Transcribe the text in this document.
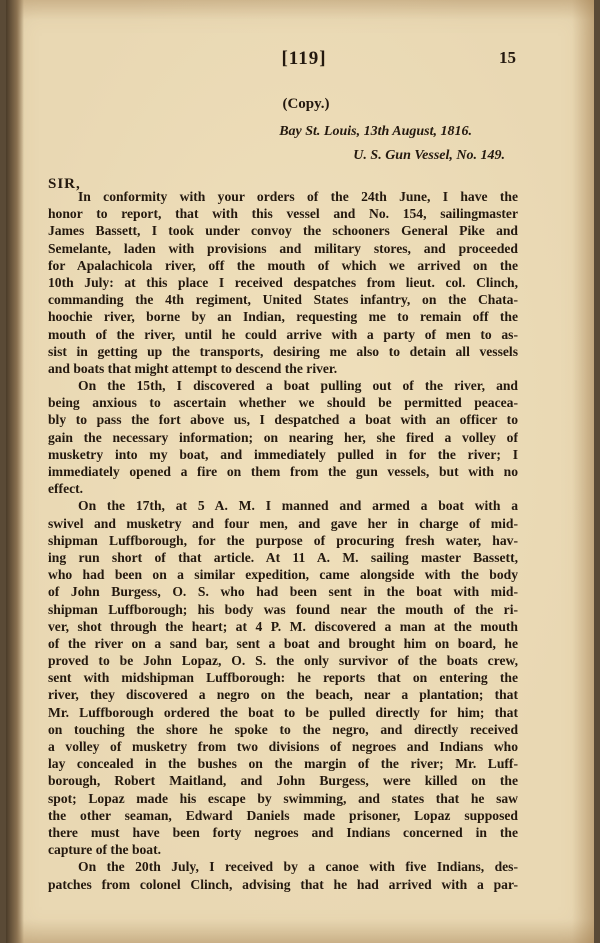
[119]	15
(Copy.)
Bay St. Louis, 13th August, 1816.
U. S. Gun Vessel, No. 149.
SIR,
In conformity with your orders of the 24th June, I have the
honor to report, that with this vessel and No. 154, sailingmaster
James Bassett, I took under convoy the schooners General Pike and
Semelante, laden with provisions and military stores, and proceeded
for Apalachicola river, off the mouth of which we arrived on the
10th July: at this place I received despatches from lieut. col. Clinch,
commanding the 4th regiment, United States infantry, on the Chata-
hoochie river, borne by an Indian, requesting me to remain off the
mouth of the river, until he could arrive with a party of men to as-
sist in getting up the transports, desiring me also to detain all vessels
and boats that might attempt to descend the river.
On the 15th, I discovered a boat pulling out of the river, and
being anxious to ascertain whether we should be permitted peacea-
bly to pass the fort above us, I despatched a boat with an officer to
gain the necessary information; on nearing her, she fired a volley of
musketry into my boat, and immediately pulled in for the river; I
immediately opened a fire on them from the gun vessels, but with no
effect.
On the 17th, at 5 A. M. I manned and armed a boat with a
swivel and musketry and four men, and gave her in charge of mid-
shipman Luffborough, for the purpose of procuring fresh water, hav-
ing run short of that article. At 11 A. M. sailing master Bassett,
who had been on a similar expedition, came alongside with the body
of John Burgess, O. S. who had been sent in the boat with mid-
shipman Luffborough; his body was found near the mouth of the ri-
ver, shot through the heart; at 4 P. M. discovered a man at the mouth
of the river on a sand bar, sent a boat and brought him on board, he
proved to be John Lopaz, O. S. the only survivor of the boats crew,
sent with midshipman Luffborough: he reports that on entering the
river, they discovered a negro on the beach, near a plantation; that
Mr. Luffborough ordered the boat to be pulled directly for him; that
on touching the shore he spoke to the negro, and directly received
a volley of musketry from two divisions of negroes and Indians who
lay concealed in the bushes on the margin of the river; Mr. Luff-
borough, Robert Maitland, and John Burgess, were killed on the
spot; Lopaz made his escape by swimming, and states that he saw
the other seaman, Edward Daniels made prisoner, Lopaz supposed
there must have been forty negroes and Indians concerned in the
capture of the boat.
On the 20th July, I received by a canoe with five Indians, des-
patches from colonel Clinch, advising that he had arrived with a par-
